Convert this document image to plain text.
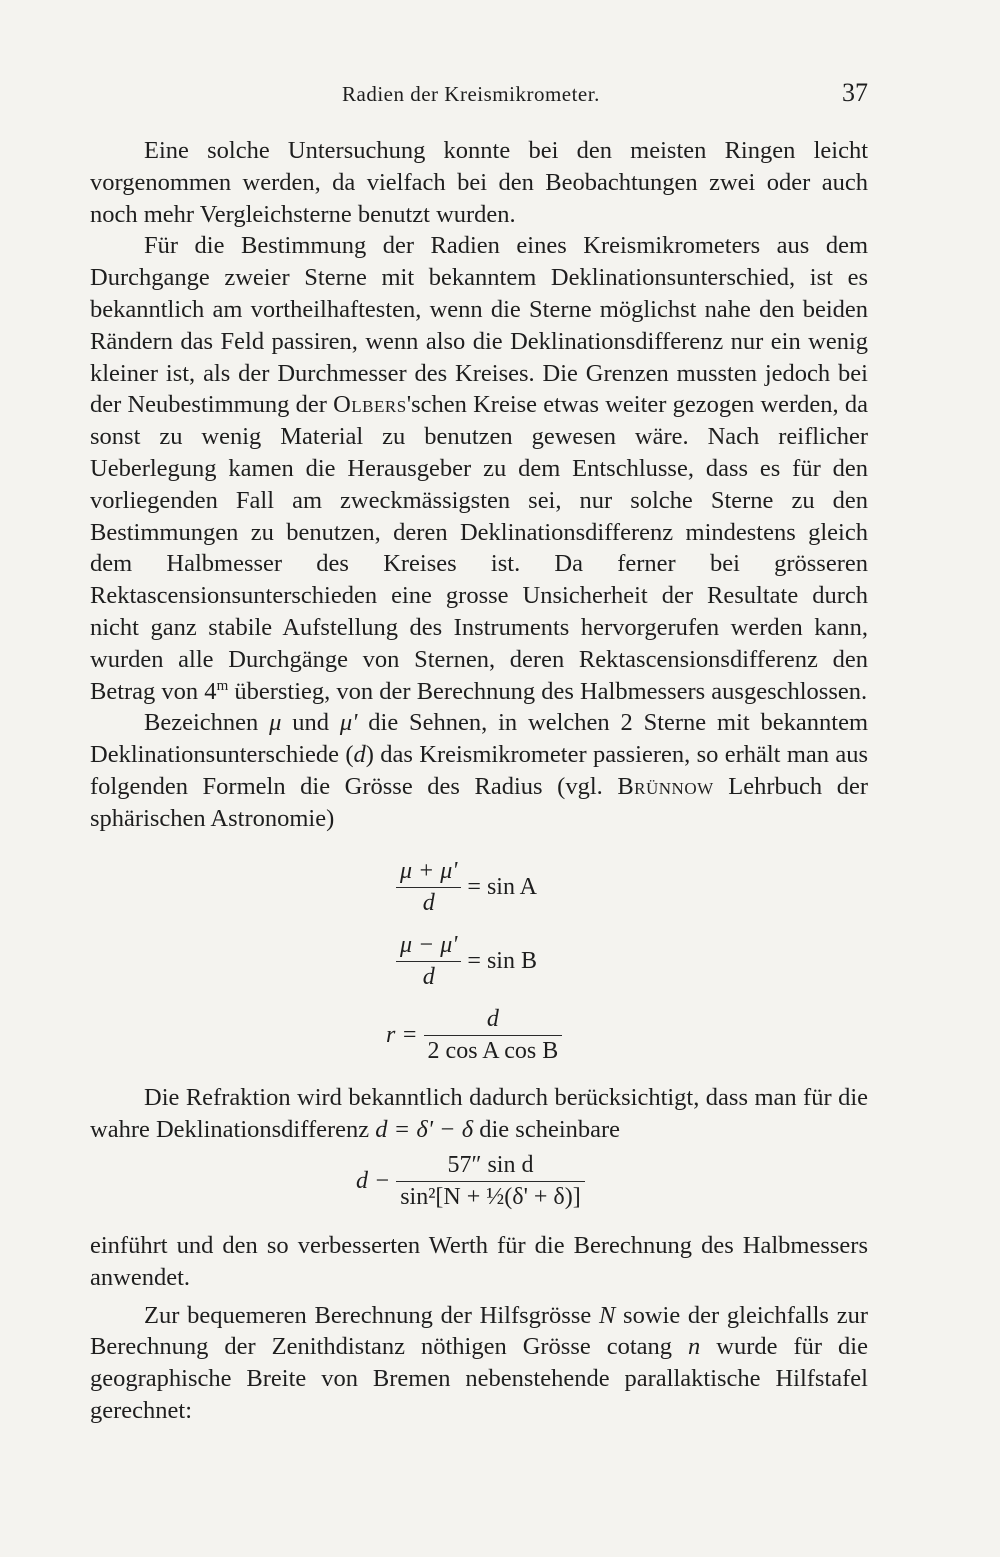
Radien der Kreismikrometer.	37

Eine solche Untersuchung konnte bei den meisten Ringen leicht vorgenommen werden, da vielfach bei den Beobachtungen zwei oder auch noch mehr Vergleichsterne benutzt wurden.

Für die Bestimmung der Radien eines Kreismikrometers aus dem Durchgange zweier Sterne mit bekanntem Deklinationsunterschied, ist es bekanntlich am vortheilhaftesten, wenn die Sterne möglichst nahe den beiden Rändern das Feld passiren, wenn also die Deklinationsdifferenz nur ein wenig kleiner ist, als der Durchmesser des Kreises. Die Grenzen mussten jedoch bei der Neubestimmung der Olbers'schen Kreise etwas weiter gezogen werden, da sonst zu wenig Material zu benutzen gewesen wäre. Nach reiflicher Ueberlegung kamen die Herausgeber zu dem Entschlusse, dass es für den vorliegenden Fall am zweckmässigsten sei, nur solche Sterne zu den Bestimmungen zu benutzen, deren Deklinationsdifferenz mindestens gleich dem Halbmesser des Kreises ist. Da ferner bei grösseren Rektascensionsunterschieden eine grosse Unsicherheit der Resultate durch nicht ganz stabile Aufstellung des Instruments hervorgerufen werden kann, wurden alle Durchgänge von Sternen, deren Rektascensionsdifferenz den Betrag von 4$^m$ überstieg, von der Berechnung des Halbmessers ausgeschlossen.

Bezeichnen μ und μ' die Sehnen, in welchen 2 Sterne mit bekanntem Deklinationsunterschiede (d) das Kreismikrometer passieren, so erhält man aus folgenden Formeln die Grösse des Radius (vgl. Brünnow Lehrbuch der sphärischen Astronomie)

$\frac{\mu + \mu'}{d} = \sin A$
$\frac{\mu - \mu'}{d} = \sin B$
$r = \frac{d}{\text{2 cos A cos B}}$

Die Refraktion wird bekanntlich dadurch berücksichtigt, dass man für die wahre Deklinationsdifferenz d = δ' − δ die scheinbare

$d - \frac{\text{57″ sin d}}{\text{sin²[N + ½(δ' + δ)]}}$

einführt und den so verbesserten Werth für die Berechnung des Halbmessers anwendet.

Zur bequemeren Berechnung der Hilfsgrösse N sowie der gleichfalls zur Berechnung der Zenithdistanz nöthigen Grösse cotang n wurde für die geographische Breite von Bremen nebenstehende parallaktische Hilfstafel gerechnet:
